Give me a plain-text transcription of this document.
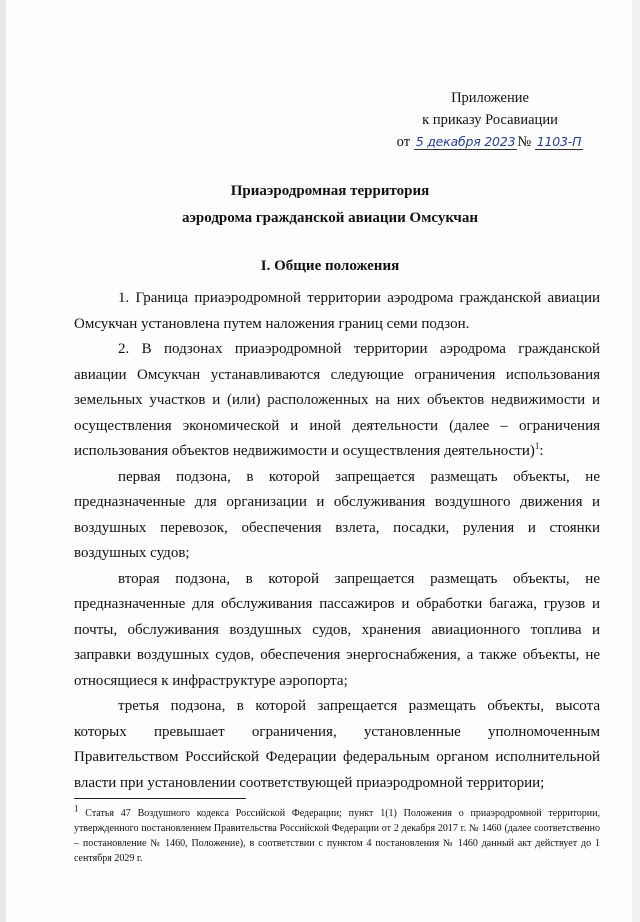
Приложение
к приказу Росавиации
от 5 декабря 2023 № 1103-П
Приаэродромная территория
аэродрома гражданской авиации Омсукчан
I. Общие положения

1. Граница приаэродромной территории аэродрома гражданской авиации Омсукчан установлена путем наложения границ семи подзон.

2. В подзонах приаэродромной территории аэродрома гражданской авиации Омсукчан устанавливаются следующие ограничения использования земельных участков и (или) расположенных на них объектов недвижимости и осуществления экономической и иной деятельности (далее – ограничения использования объектов недвижимости и осуществления деятельности)$^1$:

первая подзона, в которой запрещается размещать объекты, не предназначенные для организации и обслуживания воздушного движения и воздушных перевозок, обеспечения взлета, посадки, руления и стоянки воздушных судов;

вторая подзона, в которой запрещается размещать объекты, не предназначенные для обслуживания пассажиров и обработки багажа, грузов и почты, обслуживания воздушных судов, хранения авиационного топлива и заправки воздушных судов, обеспечения энергоснабжения, а также объекты, не относящиеся к инфраструктуре аэропорта;

третья подзона, в которой запрещается размещать объекты, высота которых превышает ограничения, установленные уполномоченным Правительством Российской Федерации федеральным органом исполнительной власти при установлении соответствующей приаэродромной территории;

$^1$ Статья 47 Воздушного кодекса Российской Федерации; пункт 1(1) Положения о приаэродромной территории, утвержденного постановлением Правительства Российской Федерации от 2 декабря 2017 г. № 1460 (далее соответственно – постановление № 1460, Положение), в соответствии с пунктом 4 постановления № 1460 данный акт действует до 1 сентября 2029 г.
